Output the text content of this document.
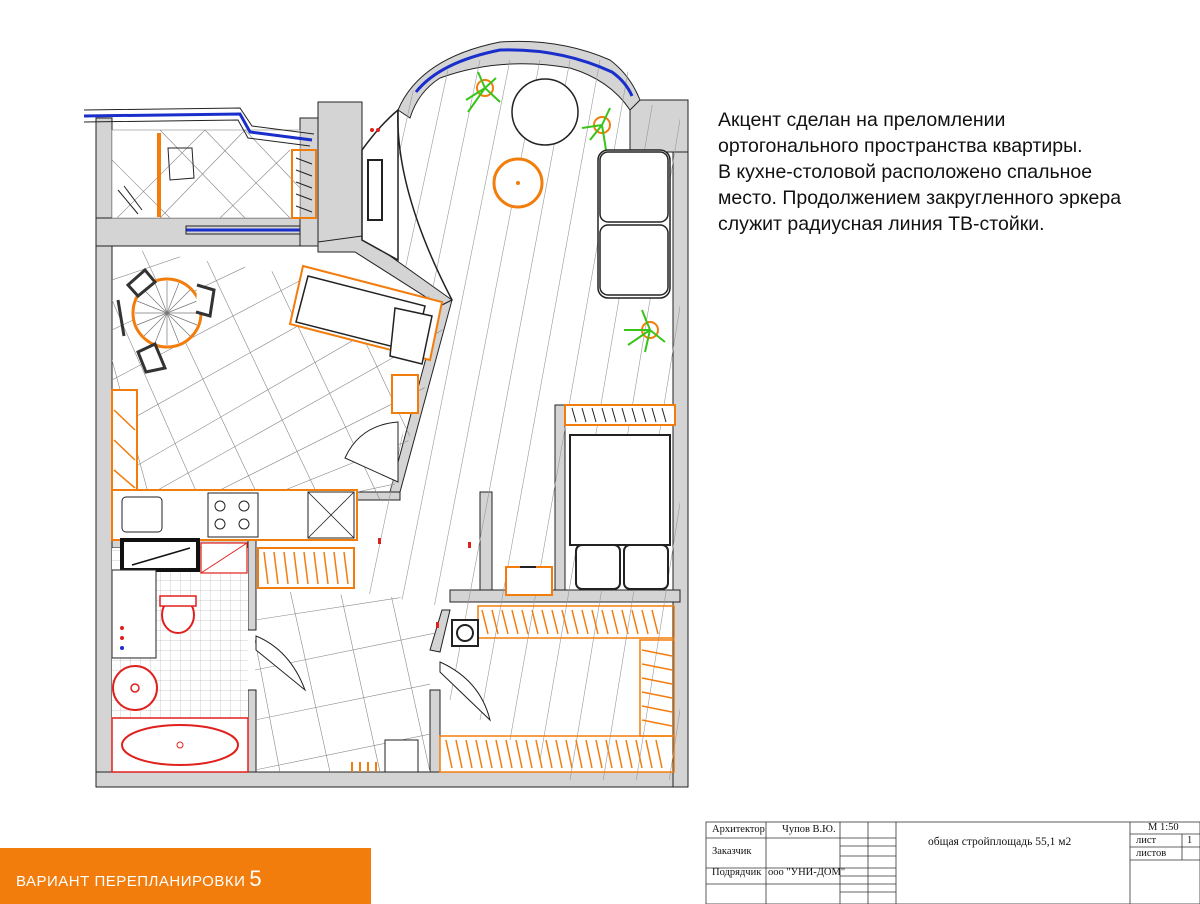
Акцент сделан на преломлении
ортогонального пространства квартиры.
В кухне-столовой расположено спальное
место. Продолжением закругленного эркера
служит радиусная линия ТВ-стойки.
ВАРИАНТ ПЕРЕПЛАНИРОВКИ 5
Архитектор Чупов В.Ю.
Заказчик
Подрядчик ооо "УНИ-ДОМ"
общая стройплощадь 55,1 м2
М 1:50
лист	1
листов
